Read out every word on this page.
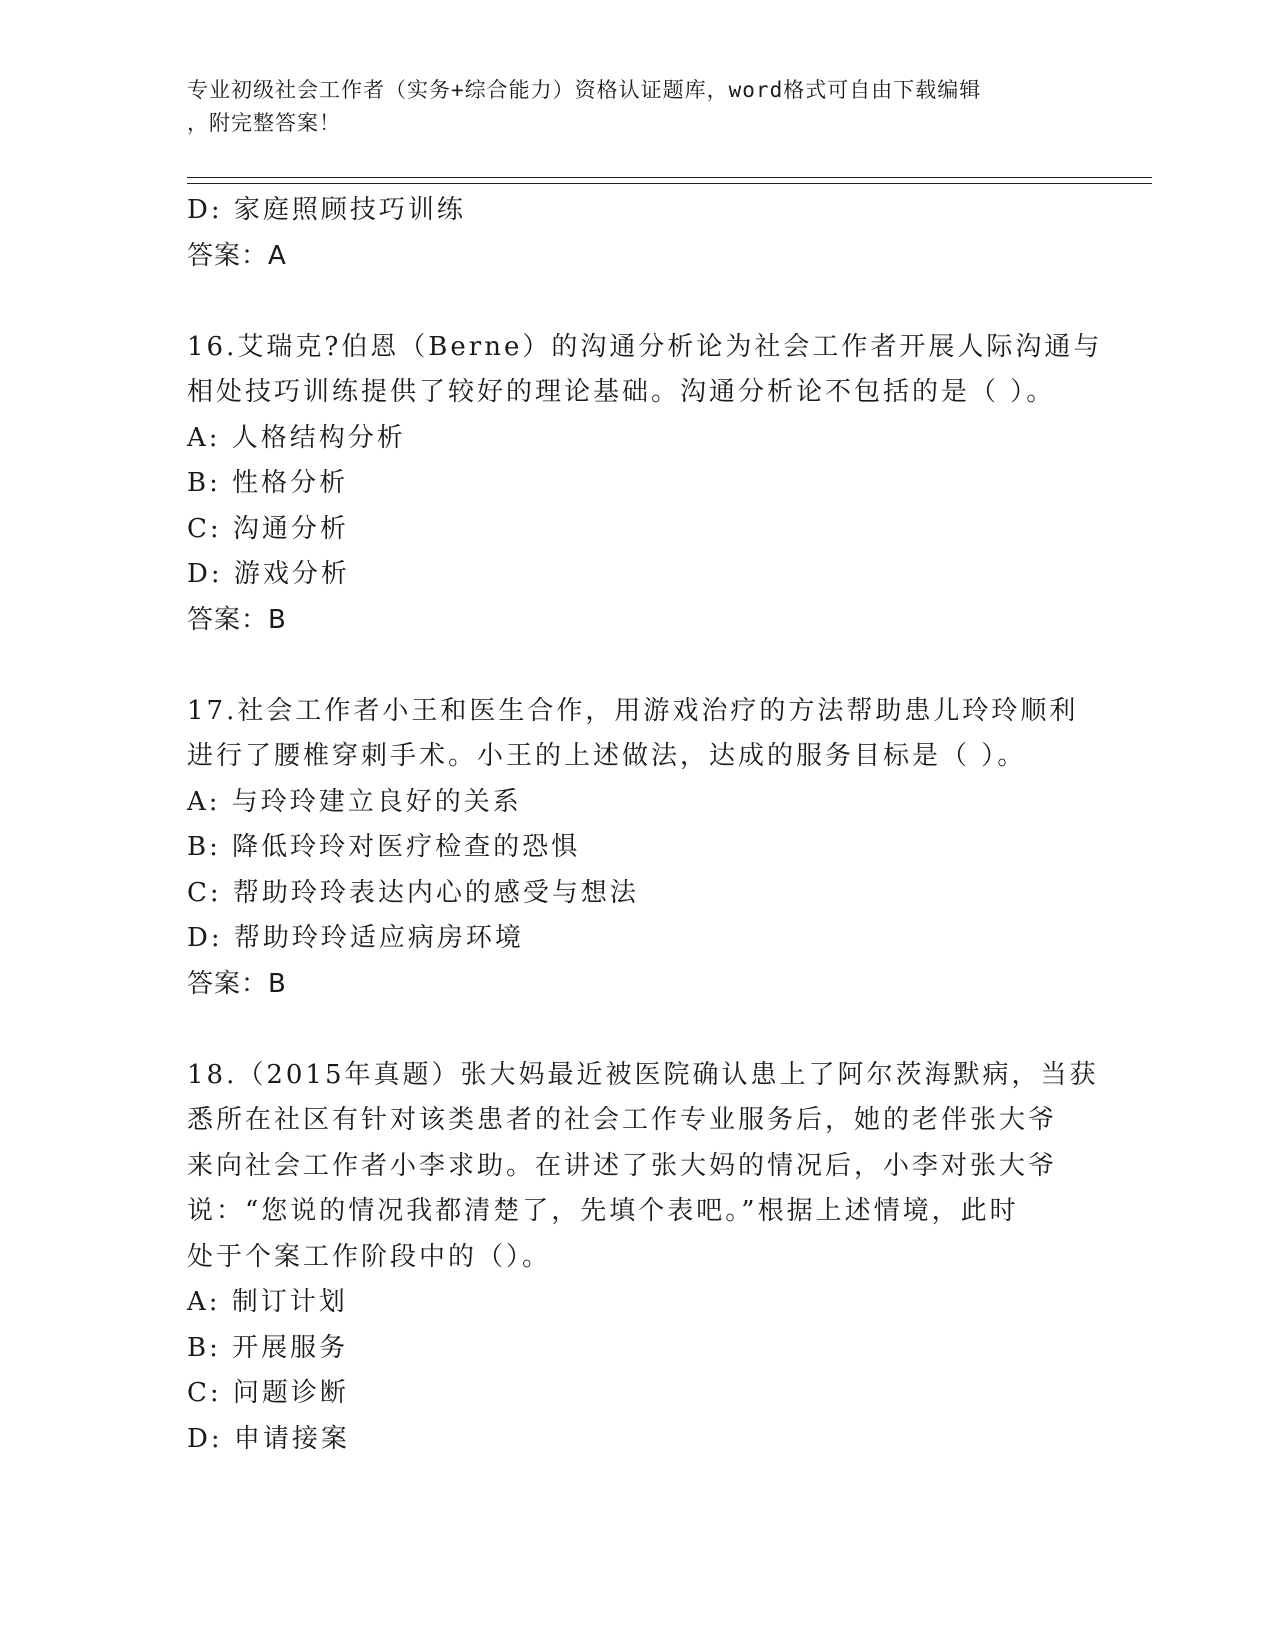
专业初级社会工作者（实务+综合能力）资格认证题库，word格式可自由下载编辑
，附完整答案！
D: 家庭照顾技巧训练
答案：A
16.艾瑞克?伯恩（Berne）的沟通分析论为社会工作者开展人际沟通与
相处技巧训练提供了较好的理论基础。沟通分析论不包括的是（ ）。
A: 人格结构分析
B: 性格分析
C: 沟通分析
D: 游戏分析
答案：B
17.社会工作者小王和医生合作，用游戏治疗的方法帮助患儿玲玲顺利
进行了腰椎穿刺手术。小王的上述做法，达成的服务目标是（ ）。
A: 与玲玲建立良好的关系
B: 降低玲玲对医疗检查的恐惧
C: 帮助玲玲表达内心的感受与想法
D: 帮助玲玲适应病房环境
答案：B
18.（2015年真题）张大妈最近被医院确认患上了阿尔茨海默病，当获
悉所在社区有针对该类患者的社会工作专业服务后，她的老伴张大爷
来向社会工作者小李求助。在讲述了张大妈的情况后，小李对张大爷
说：“您说的情况我都清楚了，先填个表吧。”根据上述情境，此时
处于个案工作阶段中的（）。
A: 制订计划
B: 开展服务
C: 问题诊断
D: 申请接案
